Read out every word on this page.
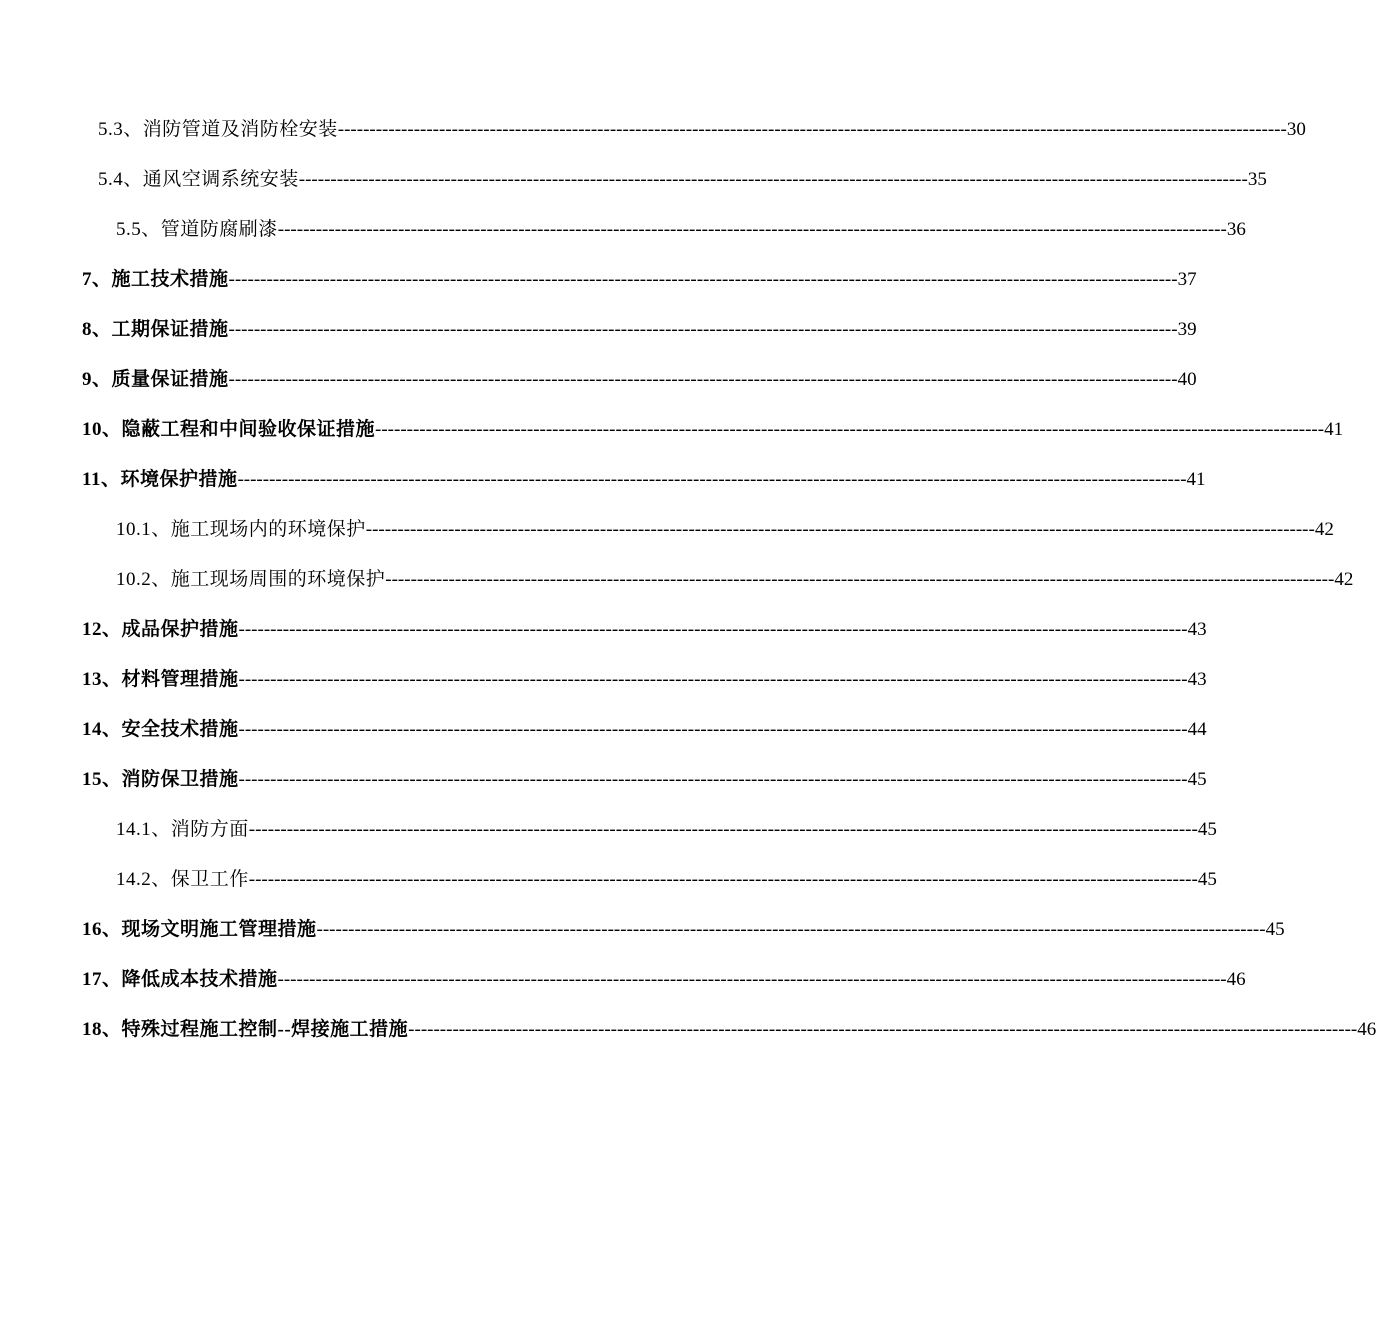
5.3、消防管道及消防栓安装 ------------------------------------------------------------------------------------------------------------------------------------------------------ 30
5.4、通风空调系统安装 ------------------------------------------------------------------------------------------------------------------------------------------------------ 35
5.5、管道防腐刷漆 ------------------------------------------------------------------------------------------------------------------------------------------------------ 36
7、施工技术措施 ------------------------------------------------------------------------------------------------------------------------------------------------------ 37
8、工期保证措施 ------------------------------------------------------------------------------------------------------------------------------------------------------ 39
9、质量保证措施 ------------------------------------------------------------------------------------------------------------------------------------------------------ 40
10、隐蔽工程和中间验收保证措施 ------------------------------------------------------------------------------------------------------------------------------------------------------ 41
11、环境保护措施 ------------------------------------------------------------------------------------------------------------------------------------------------------ 41
10.1、施工现场内的环境保护 ------------------------------------------------------------------------------------------------------------------------------------------------------ 42
10.2、施工现场周围的环境保护 ------------------------------------------------------------------------------------------------------------------------------------------------------ 42
12、成品保护措施 ------------------------------------------------------------------------------------------------------------------------------------------------------ 43
13、材料管理措施 ------------------------------------------------------------------------------------------------------------------------------------------------------ 43
14、安全技术措施 ------------------------------------------------------------------------------------------------------------------------------------------------------ 44
15、消防保卫措施 ------------------------------------------------------------------------------------------------------------------------------------------------------ 45
14.1、消防方面 ------------------------------------------------------------------------------------------------------------------------------------------------------ 45
14.2、保卫工作 ------------------------------------------------------------------------------------------------------------------------------------------------------ 45
16、现场文明施工管理措施 ------------------------------------------------------------------------------------------------------------------------------------------------------ 45
17、 降低成本技术措施 ------------------------------------------------------------------------------------------------------------------------------------------------------ 46
18、 特殊过程施工控制--焊接施工措施 ------------------------------------------------------------------------------------------------------------------------------------------------------ 46
